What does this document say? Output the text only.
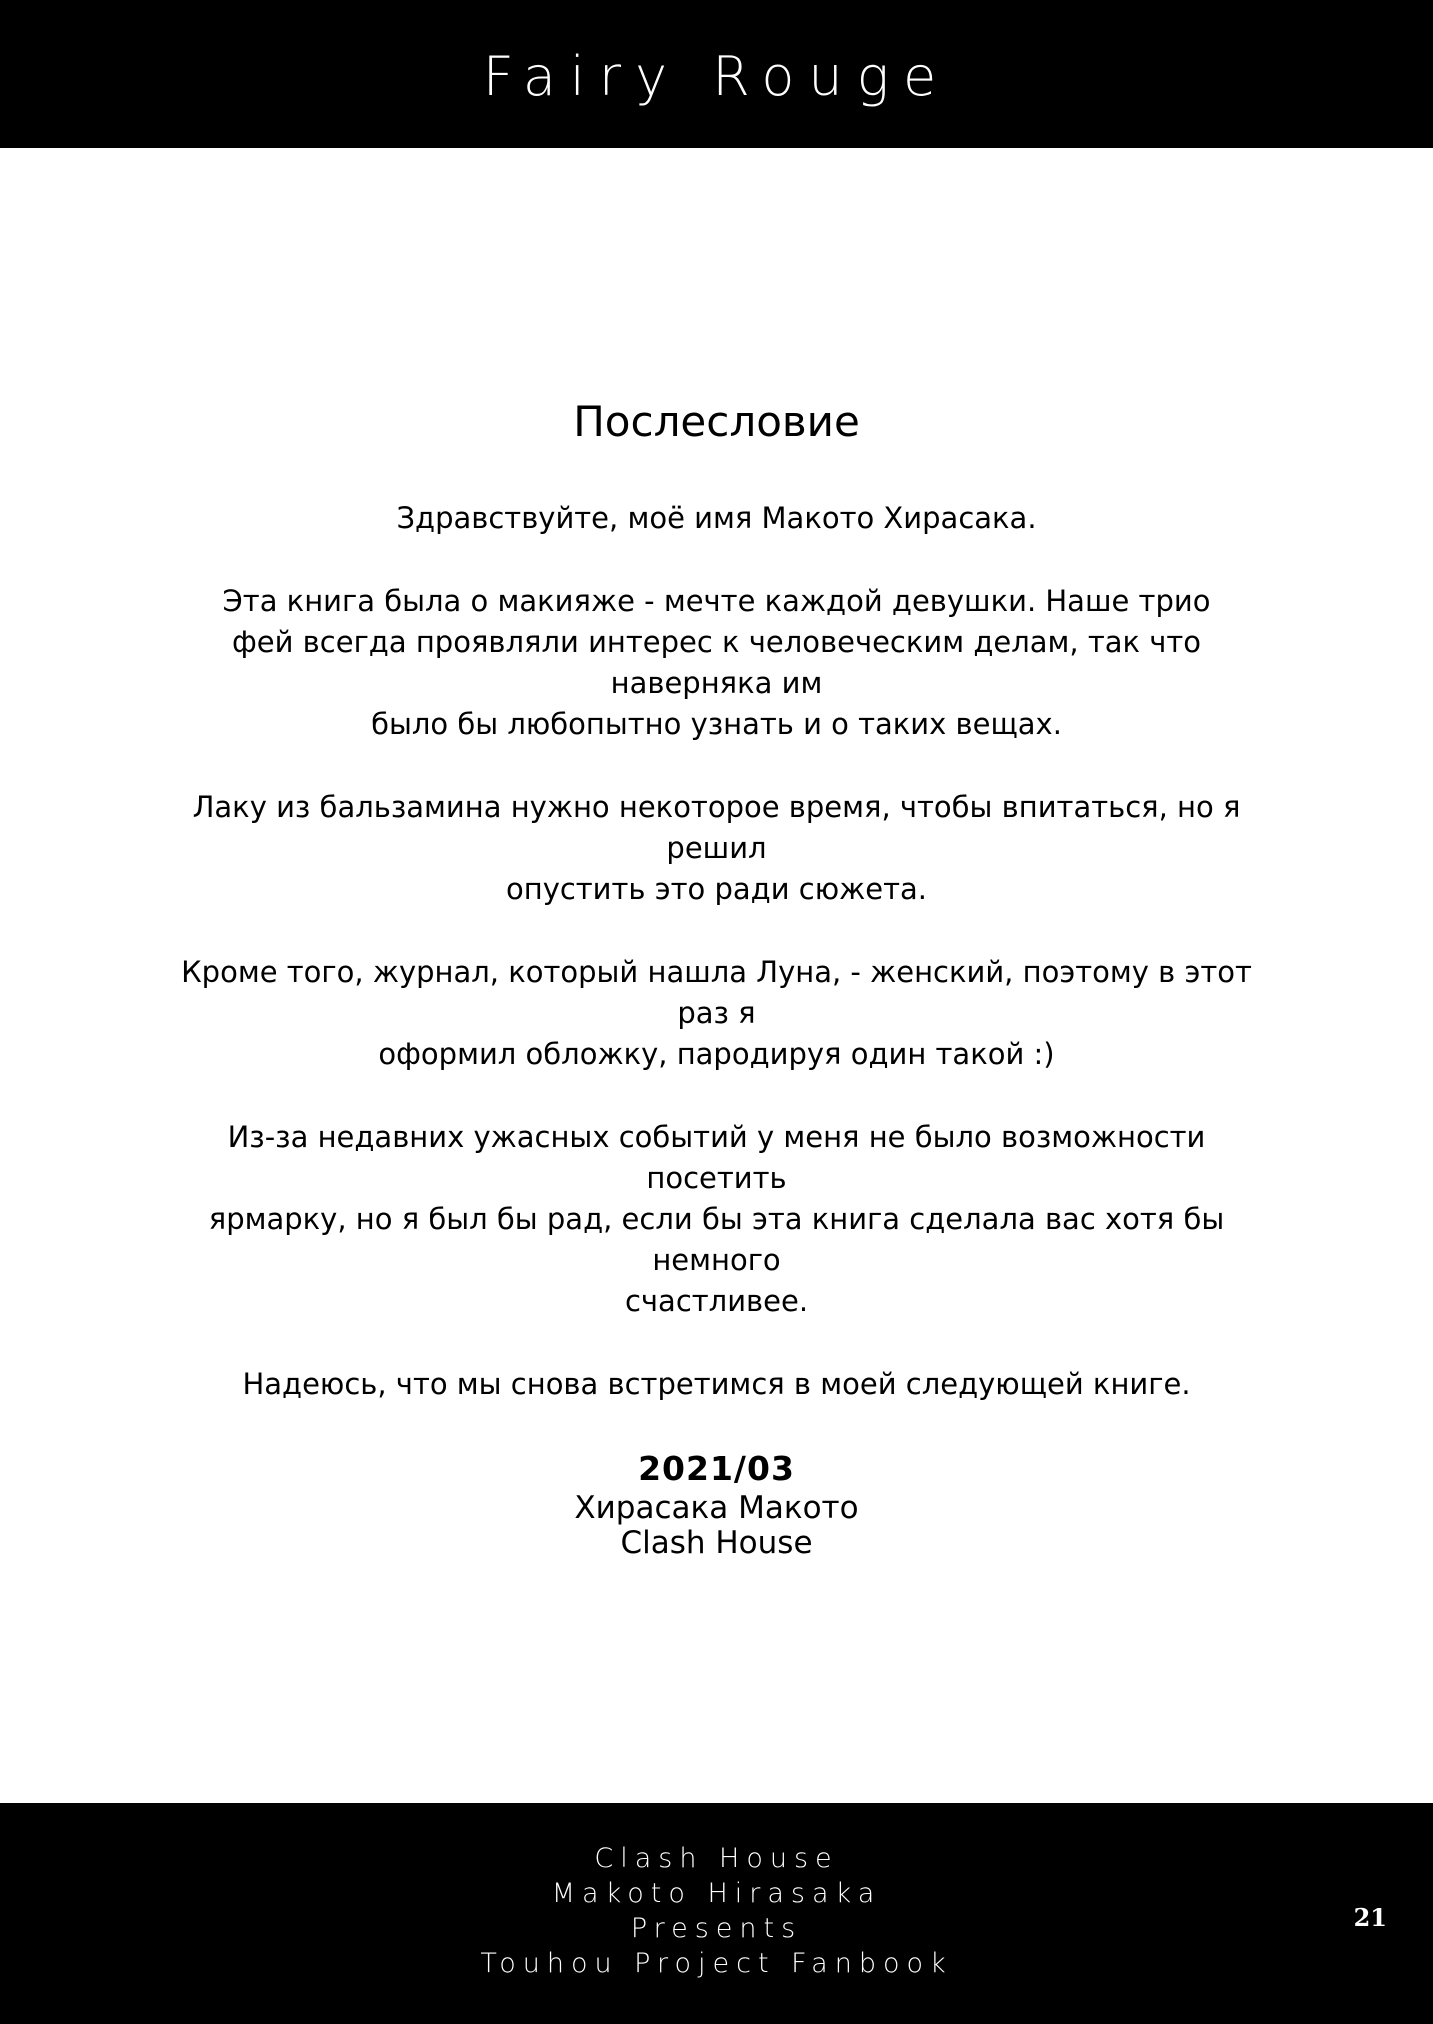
Fairy Rouge
Послесловие
Здравствуйте, моё имя Макото Хирасака.
Эта книга была о макияже - мечте каждой девушки. Наше трио
фей всегда проявляли интерес к человеческим делам, так что наверняка им
было бы любопытно узнать и о таких вещах.
Лаку из бальзамина нужно некоторое время, чтобы впитаться, но я решил
опустить это ради сюжета.
Кроме того, журнал, который нашла Луна, - женский, поэтому в этот раз я
оформил обложку, пародируя один такой :)
Из-за недавних ужасных событий у меня не было возможности посетить
ярмарку, но я был бы рад, если бы эта книга сделала вас хотя бы немного
счастливее.
Надеюсь, что мы снова встретимся в моей следующей книге.
2021/03
Хирасака Макото
Clash House
Clash House
Makoto Hirasaka
Presents
Touhou Project Fanbook
21
